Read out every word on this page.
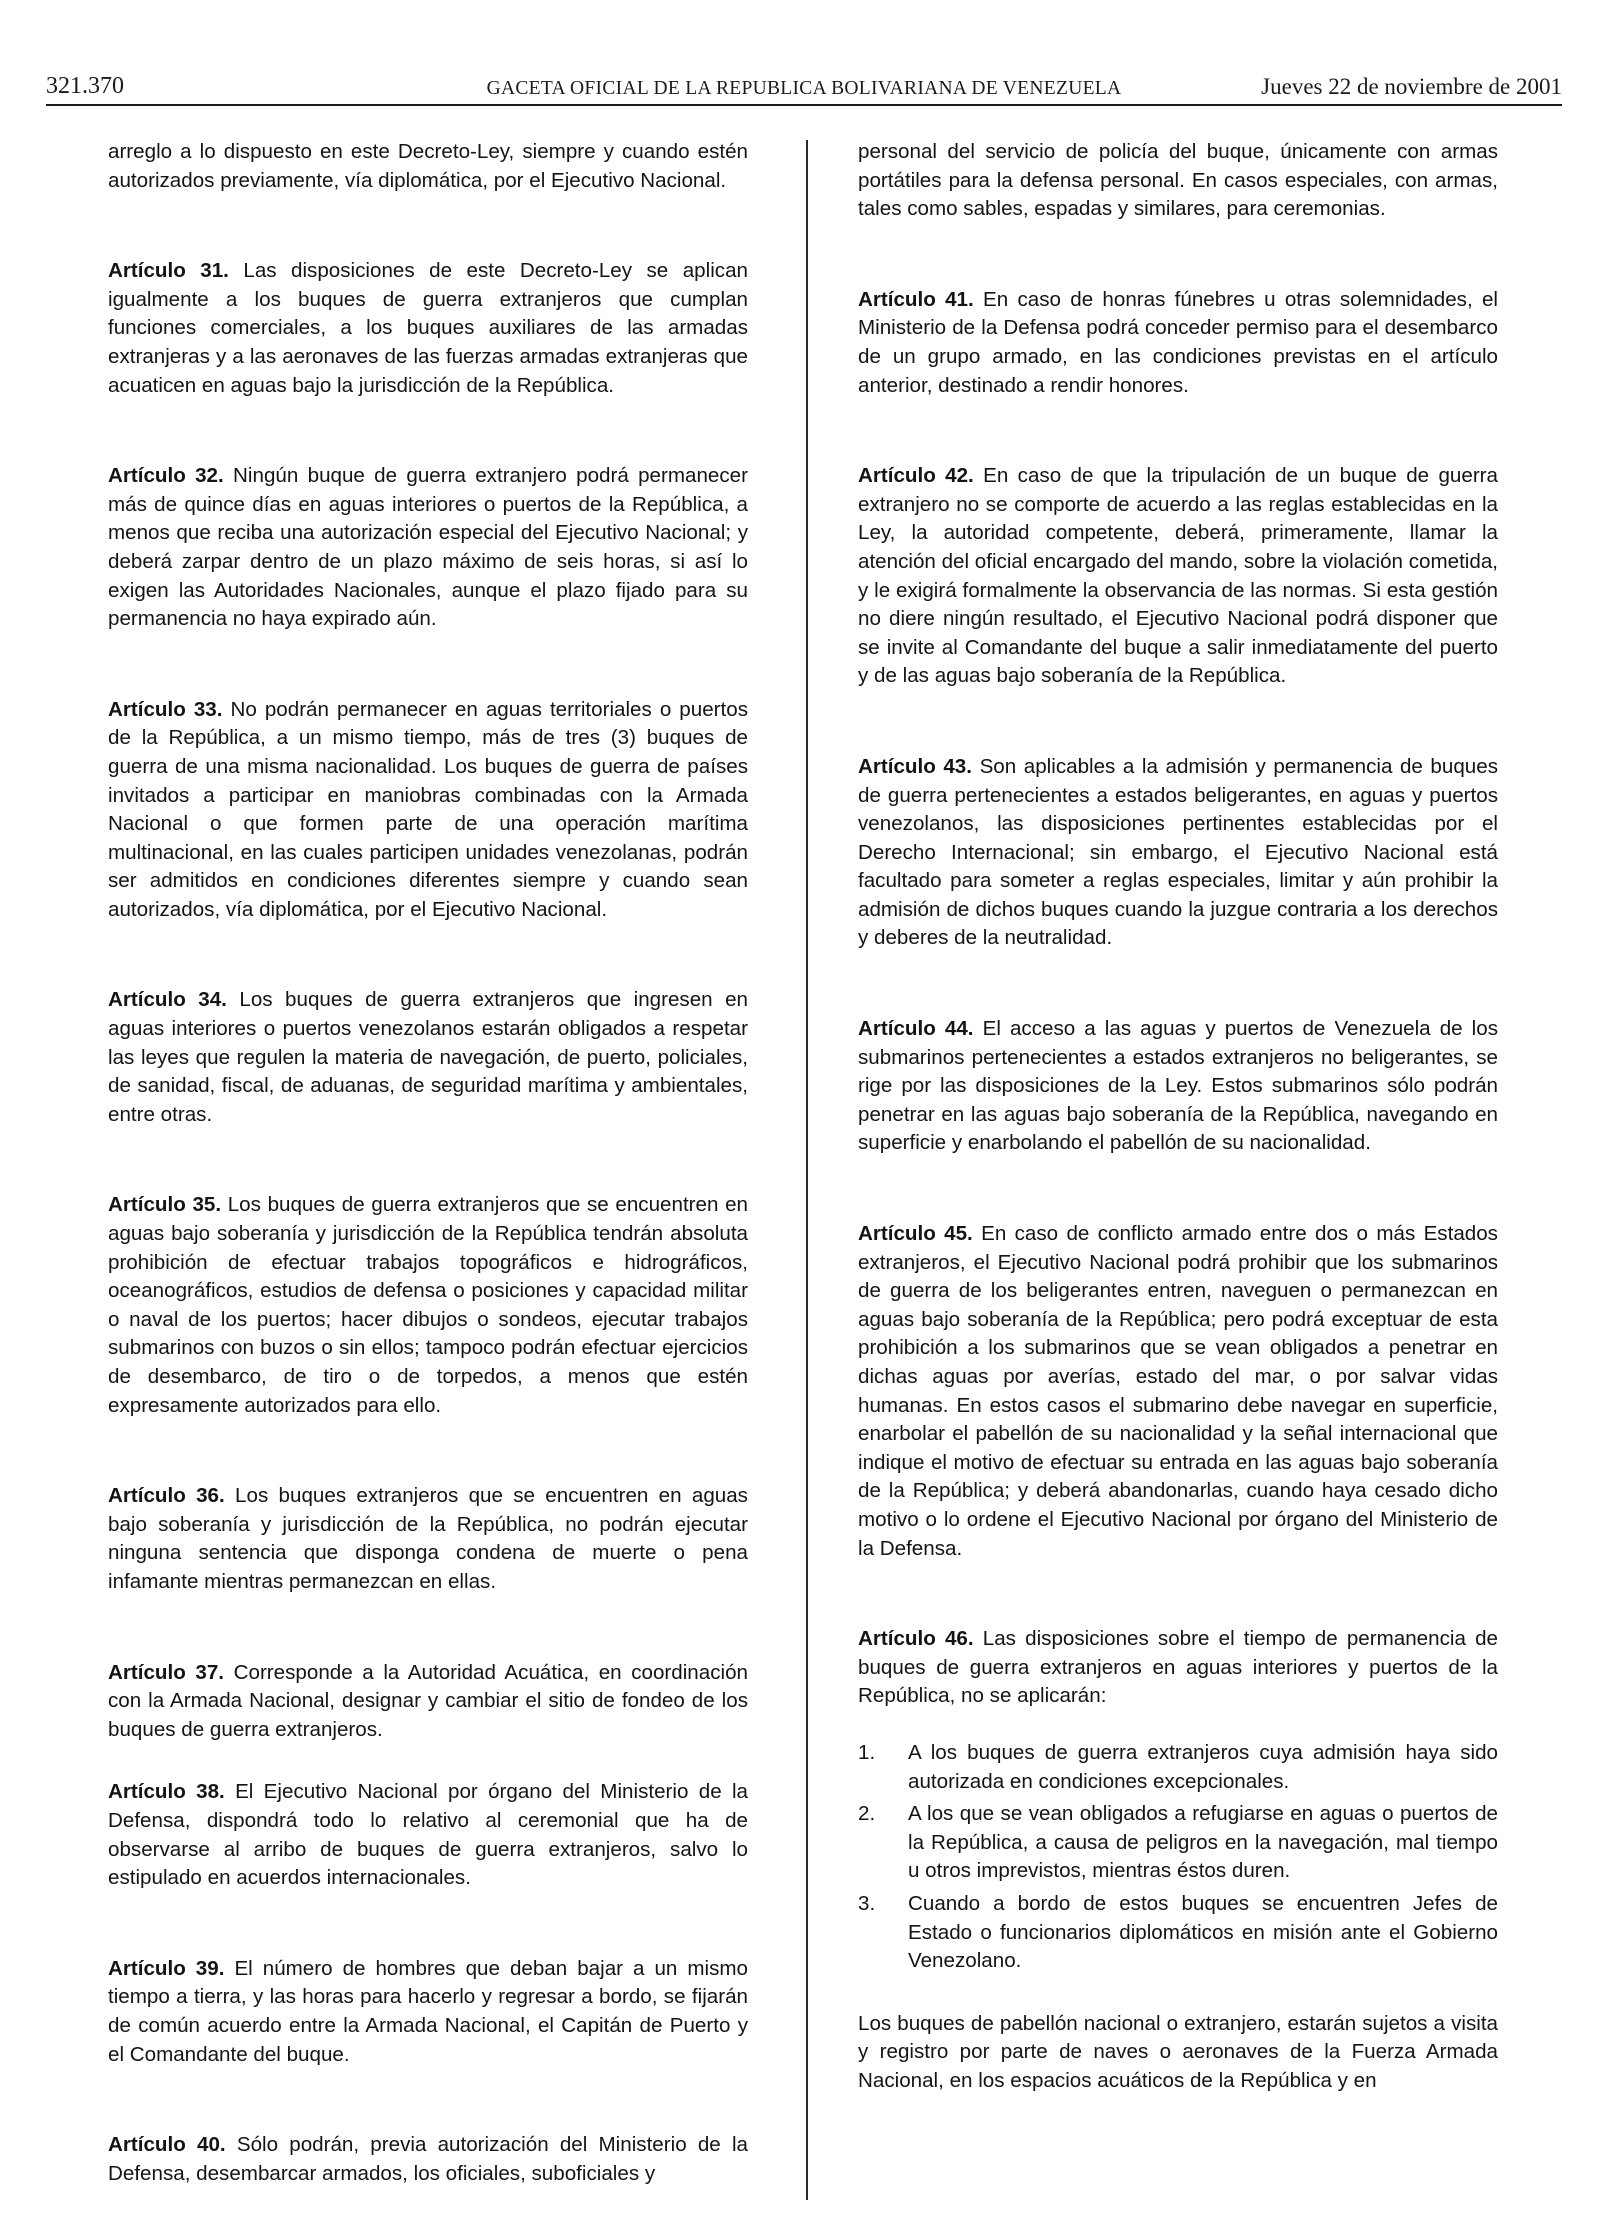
321.370	GACETA OFICIAL DE LA REPUBLICA BOLIVARIANA DE VENEZUELA	Jueves 22 de noviembre de 2001

arreglo a lo dispuesto en este Decreto-Ley, siempre y cuando estén autorizados previamente, vía diplomática, por el Ejecutivo Nacional.

Artículo 31. Las disposiciones de este Decreto-Ley se aplican igualmente a los buques de guerra extranjeros que cumplan funciones comerciales, a los buques auxiliares de las armadas extranjeras y a las aeronaves de las fuerzas armadas extranjeras que acuaticen en aguas bajo la jurisdicción de la República.

Artículo 32. Ningún buque de guerra extranjero podrá permanecer más de quince días en aguas interiores o puertos de la República, a menos que reciba una autorización especial del Ejecutivo Nacional; y deberá zarpar dentro de un plazo máximo de seis horas, si así lo exigen las Autoridades Nacionales, aunque el plazo fijado para su permanencia no haya expirado aún.

Artículo 33. No podrán permanecer en aguas territoriales o puertos de la República, a un mismo tiempo, más de tres (3) buques de guerra de una misma nacionalidad. Los buques de guerra de países invitados a participar en maniobras combinadas con la Armada Nacional o que formen parte de una operación marítima multinacional, en las cuales participen unidades venezolanas, podrán ser admitidos en condiciones diferentes siempre y cuando sean autorizados, vía diplomática, por el Ejecutivo Nacional.

Artículo 34. Los buques de guerra extranjeros que ingresen en aguas interiores o puertos venezolanos estarán obligados a respetar las leyes que regulen la materia de navegación, de puerto, policiales, de sanidad, fiscal, de aduanas, de seguridad marítima y ambientales, entre otras.

Artículo 35. Los buques de guerra extranjeros que se encuentren en aguas bajo soberanía y jurisdicción de la República tendrán absoluta prohibición de efectuar trabajos topográficos e hidrográficos, oceanográficos, estudios de defensa o posiciones y capacidad militar o naval de los puertos; hacer dibujos o sondeos, ejecutar trabajos submarinos con buzos o sin ellos; tampoco podrán efectuar ejercicios de desembarco, de tiro o de torpedos, a menos que estén expresamente autorizados para ello.

Artículo 36. Los buques extranjeros que se encuentren en aguas bajo soberanía y jurisdicción de la República, no podrán ejecutar ninguna sentencia que disponga condena de muerte o pena infamante mientras permanezcan en ellas.

Artículo 37. Corresponde a la Autoridad Acuática, en coordinación con la Armada Nacional, designar y cambiar el sitio de fondeo de los buques de guerra extranjeros.

Artículo 38. El Ejecutivo Nacional por órgano del Ministerio de la Defensa, dispondrá todo lo relativo al ceremonial que ha de observarse al arribo de buques de guerra extranjeros, salvo lo estipulado en acuerdos internacionales.

Artículo 39. El número de hombres que deban bajar a un mismo tiempo a tierra, y las horas para hacerlo y regresar a bordo, se fijarán de común acuerdo entre la Armada Nacional, el Capitán de Puerto y el Comandante del buque.

Artículo 40. Sólo podrán, previa autorización del Ministerio de la Defensa, desembarcar armados, los oficiales, suboficiales y

personal del servicio de policía del buque, únicamente con armas portátiles para la defensa personal. En casos especiales, con armas, tales como sables, espadas y similares, para ceremonias.

Artículo 41. En caso de honras fúnebres u otras solemnidades, el Ministerio de la Defensa podrá conceder permiso para el desembarco de un grupo armado, en las condiciones previstas en el artículo anterior, destinado a rendir honores.

Artículo 42. En caso de que la tripulación de un buque de guerra extranjero no se comporte de acuerdo a las reglas establecidas en la Ley, la autoridad competente, deberá, primeramente, llamar la atención del oficial encargado del mando, sobre la violación cometida, y le exigirá formalmente la observancia de las normas. Si esta gestión no diere ningún resultado, el Ejecutivo Nacional podrá disponer que se invite al Comandante del buque a salir inmediatamente del puerto y de las aguas bajo soberanía de la República.

Artículo 43. Son aplicables a la admisión y permanencia de buques de guerra pertenecientes a estados beligerantes, en aguas y puertos venezolanos, las disposiciones pertinentes establecidas por el Derecho Internacional; sin embargo, el Ejecutivo Nacional está facultado para someter a reglas especiales, limitar y aún prohibir la admisión de dichos buques cuando la juzgue contraria a los derechos y deberes de la neutralidad.

Artículo 44. El acceso a las aguas y puertos de Venezuela de los submarinos pertenecientes a estados extranjeros no beligerantes, se rige por las disposiciones de la Ley. Estos submarinos sólo podrán penetrar en las aguas bajo soberanía de la República, navegando en superficie y enarbolando el pabellón de su nacionalidad.

Artículo 45. En caso de conflicto armado entre dos o más Estados extranjeros, el Ejecutivo Nacional podrá prohibir que los submarinos de guerra de los beligerantes entren, naveguen o permanezcan en aguas bajo soberanía de la República; pero podrá exceptuar de esta prohibición a los submarinos que se vean obligados a penetrar en dichas aguas por averías, estado del mar, o por salvar vidas humanas. En estos casos el submarino debe navegar en superficie, enarbolar el pabellón de su nacionalidad y la señal internacional que indique el motivo de efectuar su entrada en las aguas bajo soberanía de la República; y deberá abandonarlas, cuando haya cesado dicho motivo o lo ordene el Ejecutivo Nacional por órgano del Ministerio de la Defensa.

Artículo 46. Las disposiciones sobre el tiempo de permanencia de buques de guerra extranjeros en aguas interiores y puertos de la República, no se aplicarán:

1. A los buques de guerra extranjeros cuya admisión haya sido autorizada en condiciones excepcionales.
2. A los que se vean obligados a refugiarse en aguas o puertos de la República, a causa de peligros en la navegación, mal tiempo u otros imprevistos, mientras éstos duren.
3. Cuando a bordo de estos buques se encuentren Jefes de Estado o funcionarios diplomáticos en misión ante el Gobierno Venezolano.

Los buques de pabellón nacional o extranjero, estarán sujetos a visita y registro por parte de naves o aeronaves de la Fuerza Armada Nacional, en los espacios acuáticos de la República y en
